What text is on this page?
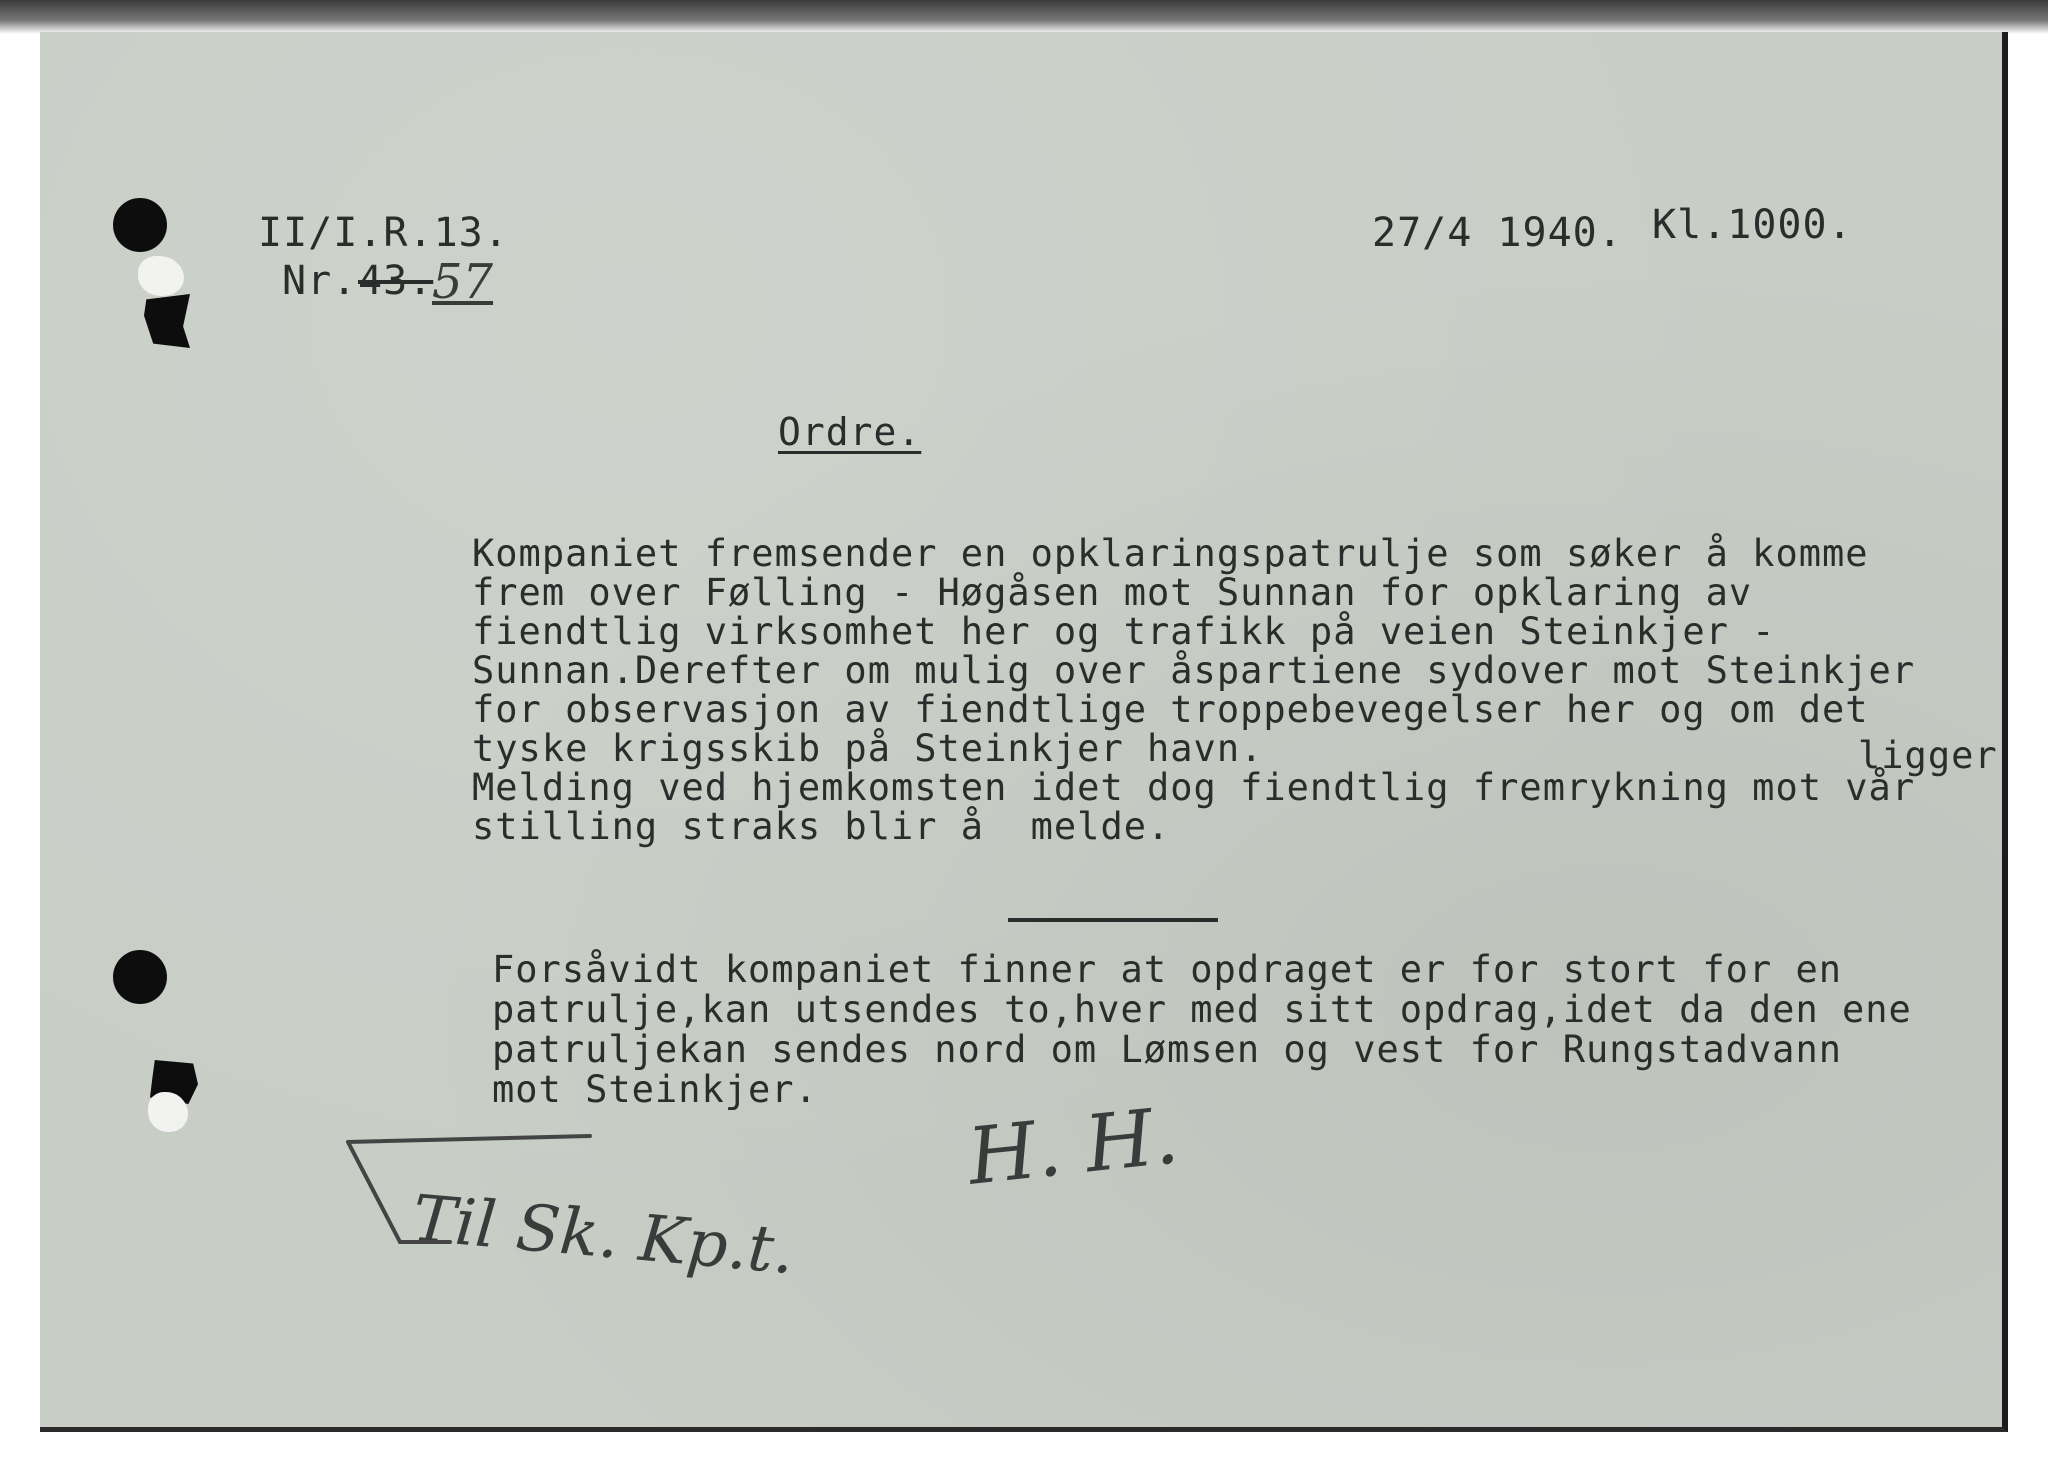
II/I.R.13.
Nr. 43.
57
27/4 1940. Kl.1000.
Ordre.
Kompaniet fremsender en opklaringspatrulje som søker å komme
frem over Følling - Høgåsen mot Sunnan for opklaring av
fiendtlig virksomhet her og trafikk på veien Steinkjer -
Sunnan.Derefter om mulig over åspartiene sydover mot Steinkjer
for observasjon av fiendtlige troppebevegelser her og om det
tyske krigsskib på Steinkjer havn.	ligger
Melding ved hjemkomsten idet dog fiendtlig fremrykning mot vår
stilling straks blir å  melde.
Forsåvidt kompaniet finner at opdraget er for stort for en
patrulje,kan utsendes to,hver med sitt opdrag,idet da den ene
patruljekan sendes nord om Lømsen og vest for Rungstadvann
mot Steinkjer.
Til Sk. Kp.t.
H. H.
